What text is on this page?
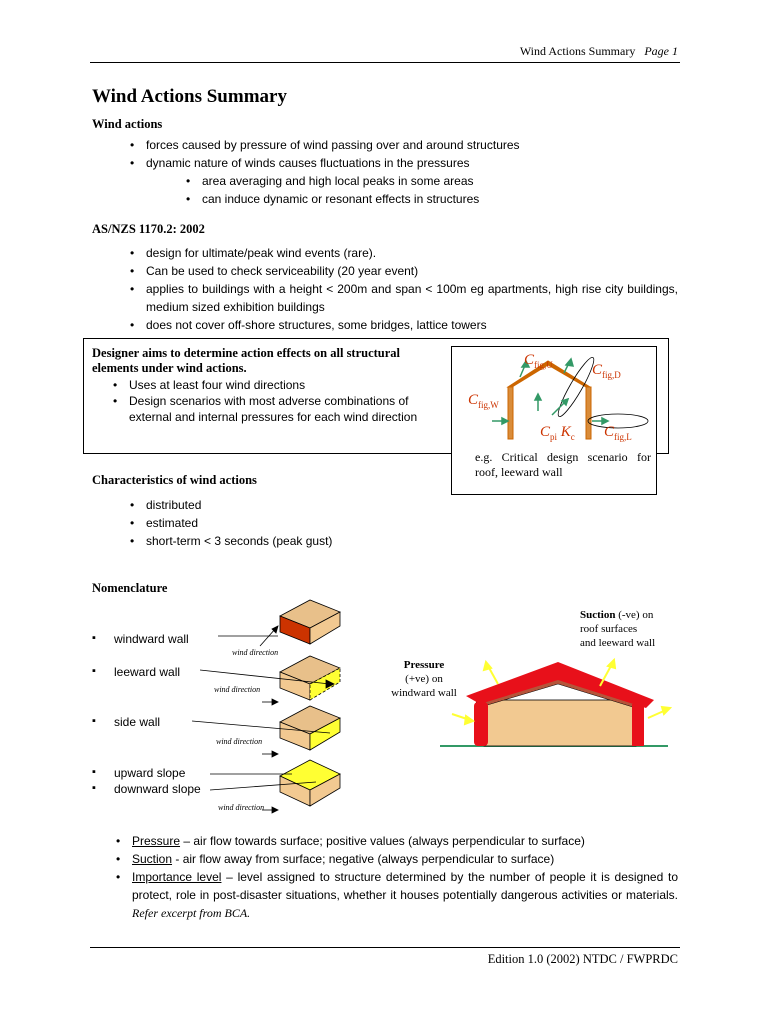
Wind Actions Summary Page 1
Wind Actions Summary
Wind actions
• forces caused by pressure of wind passing over and around structures
• dynamic nature of winds causes fluctuations in the pressures
• area averaging and high local peaks in some areas
• can induce dynamic or resonant effects in structures
AS/NZS 1170.2: 2002
• design for ultimate/peak wind events (rare).
• Can be used to check serviceability (20 year event)
• applies to buildings with a height < 200m and span < 100m eg apartments, high rise city buildings, medium sized exhibition buildings
• does not cover off-shore structures, some bridges, lattice towers
Designer aims to determine action effects on all structural elements under wind actions.
• Uses at least four wind directions
• Design scenarios with most adverse combinations of external and internal pressures for each wind direction
$C_{fig,U}$	$C_{fig,D}$
$C_{fig,W}$
$C_{pi}$ $K_c$ $C_{fig,L}$
e.g. Critical design scenario for roof, leeward wall
Characteristics of wind actions
• distributed
• estimated
• short-term < 3 seconds (peak gust)
Nomenclature
▪ windward wall
▪ leeward wall
▪ side wall
▪ upward slope
▪ downward slope
wind direction
wind direction
wind direction
wind direction
Pressure
(+ve) on
windward wall
Suction (-ve) on
roof surfaces
and leeward wall
• Pressure – air flow towards surface; positive values (always perpendicular to surface)
• Suction - air flow away from surface; negative (always perpendicular to surface)
• Importance level – level assigned to structure determined by the number of people it is designed to protect, role in post-disaster situations, whether it houses potentially dangerous activities or materials. Refer excerpt from BCA.
Edition 1.0 (2002) NTDC / FWPRDC
